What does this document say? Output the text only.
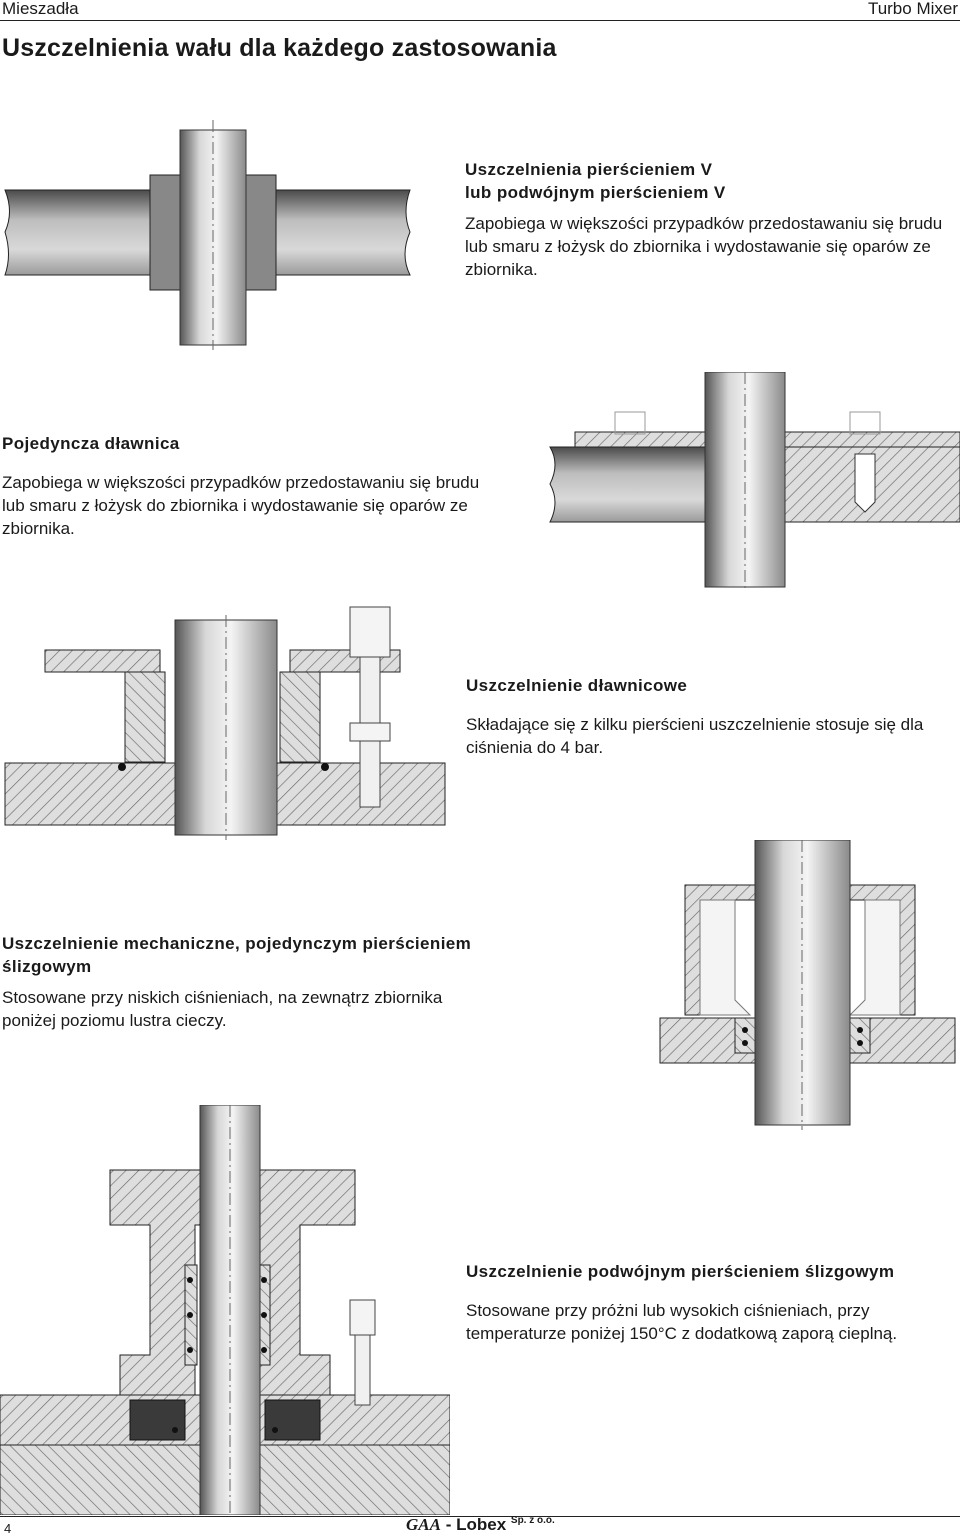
Mieszadła	Turbo Mixer
Uszczelnienia wału dla każdego zastosowania

Uszczelnienia pierścieniem V
lub podwójnym pierścieniem V

Zapobiega w większości przypadków przedostawaniu się brudu lub smaru z łożysk do zbiornika i wydostawanie się oparów ze zbiornika.

Pojedyncza dławnica

Zapobiega w większości przypadków przedostawaniu się brudu lub smaru z łożysk do zbiornika i wydostawanie się oparów ze zbiornika.

Uszczelnienie dławnicowe

Składające się z kilku pierścieni uszczelnienie stosuje się dla ciśnienia do 4 bar.

Uszczelnienie mechaniczne, pojedynczym pierścieniem ślizgowym

Stosowane przy niskich ciśnieniach, na zewnątrz zbiornika poniżej poziomu lustra cieczy.

Uszczelnienie podwójnym pierścieniem ślizgowym

Stosowane przy próżni lub wysokich ciśnieniach, przy temperaturze poniżej 150°C z dodatkową zaporą cieplną.

4	GAA - Lobex $^{Sp. z o.o.}$
